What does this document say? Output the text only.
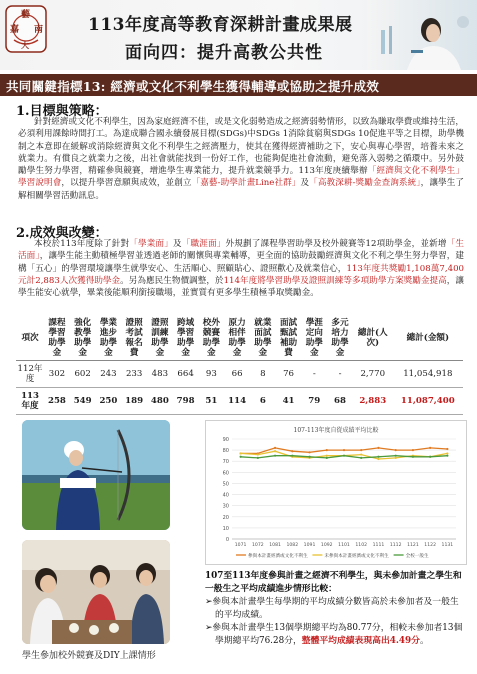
嘉
藝
南
大
113年度高等教育深耕計畫成果展
面向四：提升高教公共性
共同關鍵指標13: 經濟或文化不利學生獲得輔導或協助之提升成效
1.目標與策略：
針對經濟或文化不利學生，因為家庭經濟不佳，或是文化弱勢造成之經濟弱勢情形，以致為賺取學費或維持生活，必須利用課餘時間打工。為達成聯合國永續發展目標(SDGs)中SDGs 1消除貧窮與SDGs 10促進平等之目標，助學機制之本意即在緩解或消除經濟與文化不利學生之經濟壓力，使其在獲得經濟補助之下，安心與專心學習，培養未來之就業力。有償良之就業力之後，出社會就能找到一份好工作，也能夠促進社會流動，避免落入弱勢之循環中。另外鼓勵學生努力學習，精確參與競賽，增進學生專業能力，提升就業競爭力。113年度庚續舉辦「經濟與文化不利學生」學習說明會，以提升學習意願與成效，並創立「嘉藝-助學計畫Line社群」及「高教深耕-獎勵金查詢系統」，讓學生了解相關學習活動訊息。
2.成效與改變：
本校於113年度除了針對「學業面」及「職涯面」外規劃了課程學習助學及校外競賽等12項助學金，並新增「生活面」，讓學生能主動積極學習並透過老師的關懷與專業輔導，更全面的協助鼓勵經濟與文化不利之學生努力學習，建構「五心」的學習環境讓學生就學安心、生活順心、照顧貼心、證照歡心及就業信心，113年度共獎勵1,108萬7,400元計2,883人次獲得助學金。另為應民生物價調整，於114年度將學習助學及證照訓練等多項助學方案獎勵金提高，讓學生能安心就學，畢業後能順利銜接職場，並實質有更多學生積極爭取獎勵金。
項次	課程學習助學金	強化教學助學金	學業進步助學金	證照考試報名費	證照訓練助學金	跨域學習助學金	校外競賽助學金	原力相伴助學金	就業面試助學金	面試甄試補助費	學涯定向助學金	多元培力助學金	總計(人次)	總計(金額)
112年度	302	602	243	233	483	664	93	66	8	76	-	-	2,770	11,054,918
113年度	258	549	250	189	480	798	51	114	6	41	79	68	2,883	11,087,400
學生參加校外競賽及DIY上課情形
107-113年度自從成績平均比較
0
10
20
30
40
50
60
70
80
90
1071 1072 1081 1082 1091 1092 1101 1102 1111 1112 1121 1122 1131
參與本計畫經濟或文化不利生	未參與本計畫經濟或文化不利生	全校一般生
107至113年度參與計畫之經濟不利學生，與未參加計畫之學生和一般生之平均成績進步情形比較：
➢參與本計畫學生每學期的平均成績分數皆高於未參加者及一般生的平均成績。
➢參與本計畫學生13個學期總平均為80.77分，相較未參加者13個學期總平均76.28分，整體平均成績表現高出4.49分。
